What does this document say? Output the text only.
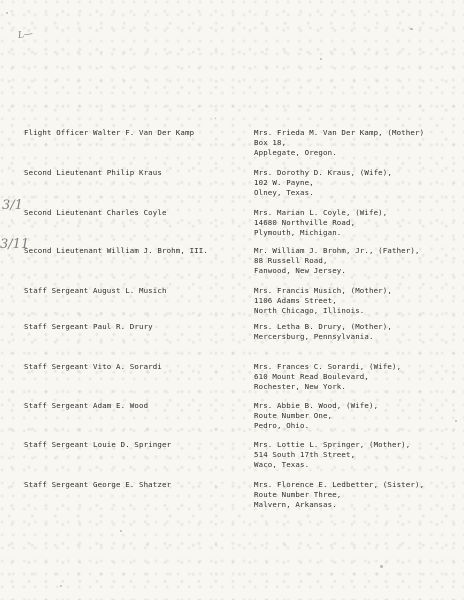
L—
3/1
3/11
·
Flight Officer Walter F. Van Der Kamp	Mrs. Frieda M. Van Der Kamp, (Mother)
Box 18,
Applegate, Oregon.
Second Lieutenant Philip Kraus	Mrs. Dorothy D. Kraus, (Wife),
102 W. Payne,
Olney, Texas.
Second Lieutenant Charles Coyle	Mrs. Marian L. Coyle, (Wife),
14680 Northville Road,
Plymouth, Michigan.
Second Lieutenant William J. Brohm, III.	Mr. William J. Brohm, Jr., (Father),
88 Russell Road,
Fanwood, New Jersey.
Staff Sergeant August L. Musich	Mrs. Francis Musich, (Mother),
1106 Adams Street,
North Chicago, Illinois.
Staff Sergeant Paul R. Drury	Mrs. Letha B. Drury, (Mother),
Mercersburg, Pennsylvania.
Staff Sergeant Vito A. Sorardi	Mrs. Frances C. Sorardi, (Wife),
610 Mount Read Boulevard,
Rochester, New York.
Staff Sergeant Adam E. Wood	Mrs. Abbie B. Wood, (Wife),
Route Number One,
Pedro, Ohio.
Staff Sergeant Louie D. Springer	Mrs. Lottie L. Springer, (Mother),
514 South 17th Street,
Waco, Texas.
Staff Sergeant George E. Shatzer	Mrs. Florence E. Ledbetter, (Sister),
Route Number Three,
Malvern, Arkansas.
